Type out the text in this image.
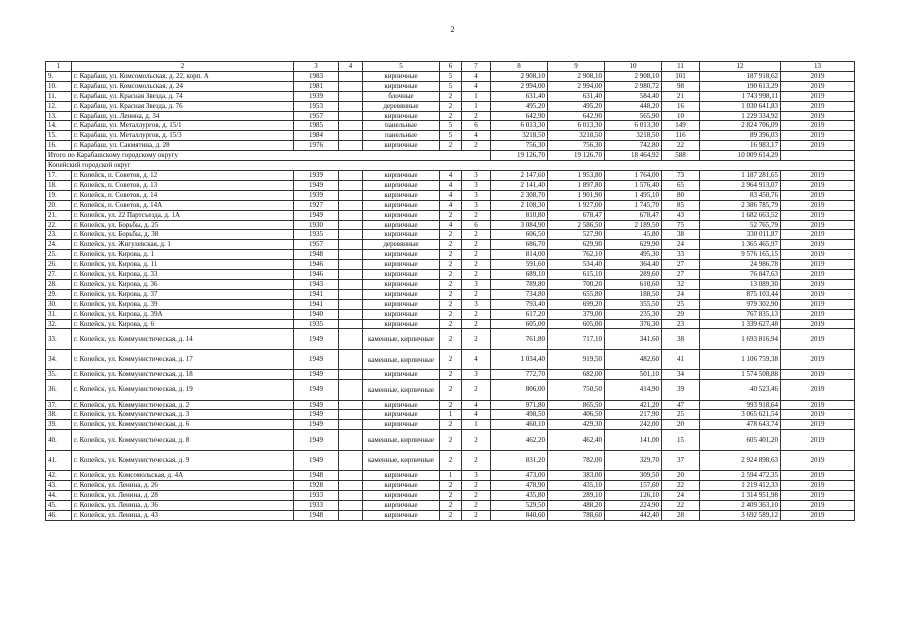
2
1	2	3	4	5	6	7	8	9	10	11	12	13
9.	г. Карабаш, ул. Комсомольская, д. 22, корп. А	1983		кирпичные	5	4	2 908,10	2 908,10	2 908,10	101	187 918,62	2019
10.	г. Карабаш, ул. Комсомольская, д. 24	1981		кирпичные	5	4	2 994,00	2 994,00	2 980,72	98	190 613,29	2019
11.	г. Карабаш, ул. Красная Звезда, д. 74	1939		блочные	2	1	631,40	631,40	584,40	21	1 743 998,11	2019
12.	г. Карабаш, ул. Красная Звезда, д. 76	1953		деревянные	2	1	495,20	495,20	448,20	16	1 030 641,83	2019
13.	г. Карабаш, ул. Ленина, д. 34	1957		кирпичные	2	2	642,90	642,90	565,90	10	1 229 334,92	2019
14.	г. Карабаш, ул. Металлургов, д. 15/1	1985		панельные	5	6	6 013,30	6 013,30	6 013,30	149	2 824 706,09	2019
15.	г. Карабаш, ул. Металлургов, д. 15/3	1984		панельные	5	4	3218,50	3218,50	3218,50	116	89 396,03	2019
16.	г. Карабаш, ул. Сакмятина, д. 28	1976		кирпичные	2	2	756,30	756,30	742,80	22	16 983,17	2019
Итого по Карабашскому городскому округу							19 126,70	19 126,70	18 464,92	588	10 009 614,29	
Копейский городской округ												
17.	г. Копейск, п. Советов, д. 12	1939		кирпичные	4	3	2 147,60	1 953,80	1 764,00	73	1 187 281,65	2019
18.	г. Копейск, п. Советов, д. 13	1949		кирпичные	4	3	2 141,40	1 897,80	1 576,40	65	2 964 913,07	2019
19.	г. Копейск, п. Советов, д. 14	1939		кирпичные	4	3	2 308,70	1 901,90	1 495,10	80	83 450,76	2019
20.	г. Копейск, п. Советов, д. 14А	1927		кирпичные	4	3	2 108,30	1 927,00	1 745,70	85	2 386 785,79	2019
21.	г. Копейск, ул. 22 Партсъезда, д. 1А	1949		кирпичные	2	2	810,80	678,47	678,47	43	1 682 663,52	2019
22.	г. Копейск, ул. Борьбы, д. 25	1930		кирпичные	4	6	3 084,90	2 586,50	2 189,50	75	52 765,79	2019
23.	г. Копейск, ул. Борьбы, д. 38	1935		кирпичные	2	2	606,50	527,90	45,80	38	330 011,87	2019
24.	г. Копейск, ул. Жигулевская, д. 1	1957		деревянные	2	2	686,70	629,90	629,90	24	1 365 465,97	2019
25.	г. Копейск, ул. Кирова, д. 1	1948		кирпичные	2	2	814,00	762,10	495,30	33	9 576 165,15	2019
26.	г. Копейск, ул. Кирова, д. 11	1946		кирпичные	2	2	591,60	534,40	364,40	27	24 986,78	2019
27.	г. Копейск, ул. Кирова, д. 33	1946		кирпичные	2	2	689,10	615,10	289,60	27	76 847,63	2019
28.	г. Копейск, ул. Кирова, д. 36	1943		кирпичные	2	3	789,80	700,20	610,60	32	13 089,30	2019
29.	г. Копейск, ул. Кирова, д. 37	1941		кирпичные	2	2	734,80	655,80	188,50	24	875 103,44	2019
30.	г. Копейск, ул. Кирова, д. 39	1941		кирпичные	2	3	793,40	699,20	355,50	25	979 302,90	2019
31.	г. Копейск, ул. Кирова, д. 39А	1940		кирпичные	2	2	617,20	379,00	235,30	29	767 835,13	2019
32.	г. Копейск, ул. Кирова, д. 6	1935		кирпичные	2	2	605,00	605,00	376,30	23	1 339 627,48	2019
33.	г. Копейск, ул. Коммунистическая, д. 14	1949		каменные, кирпичные	2	2	761,80	717,10	341,60	38	1 693 816,94	2019
34.	г. Копейск, ул. Коммунистическая, д. 17	1949		каменные, кирпичные	2	4	1 034,40	919,50	482,60	41	1 106 759,38	2019
35.	г. Копейск, ул. Коммунистическая, д. 18	1949		кирпичные	2	3	772,70	682,00	501,10	34	1 574 508,88	2019
36.	г. Копейск, ул. Коммунистическая, д. 19	1949		каменные, кирпичные	2	2	806,00	750,50	414,90	39	40 523,46	2019
37.	г. Копейск, ул. Коммунистическая, д. 2	1949		кирпичные	2	4	971,80	865,50	421,20	47	993 918,64	2019
38.	г. Копейск, ул. Коммунистическая, д. 3	1949		кирпичные	1	4	498,50	406,50	217,90	25	3 065 621,54	2019
39.	г. Копейск, ул. Коммунистическая, д. 6	1949		кирпичные	2	1	460,10	429,30	242,00	20	478 643,74	2019
40.	г. Копейск, ул. Коммунистическая, д. 8	1949		каменные, кирпичные	2	2	462,20	462,40	141,00	15	605 401,20	2019
41.	г. Копейск, ул. Коммунистическая, д. 9	1949		каменные, кирпичные	2	2	831,20	782,00	329,70	37	2 924 898,63	2019
42.	г. Копейск, ул. Комсомольская, д. 4А	1948		кирпичные	1	3	473,00	383,00	309,50	20	2 594 472,35	2019
43.	г. Копейск, ул. Ленина, д. 26	1928		кирпичные	2	2	478,90	435,10	157,60	22	1 219 412,33	2019
44.	г. Копейск, ул. Ленина, д. 28	1933		кирпичные	2	2	435,80	289,10	126,10	24	1 314 951,98	2019
45.	г. Копейск, ул. Ленина, д. 36	1933		кирпичные	2	2	529,50	488,20	224,90	22	2 409 363,10	2019
46.	г. Копейск, ул. Ленина, д. 43	1948		кирпичные	2	2	840,60	788,60	442,40	28	3 692 589,12	2019
